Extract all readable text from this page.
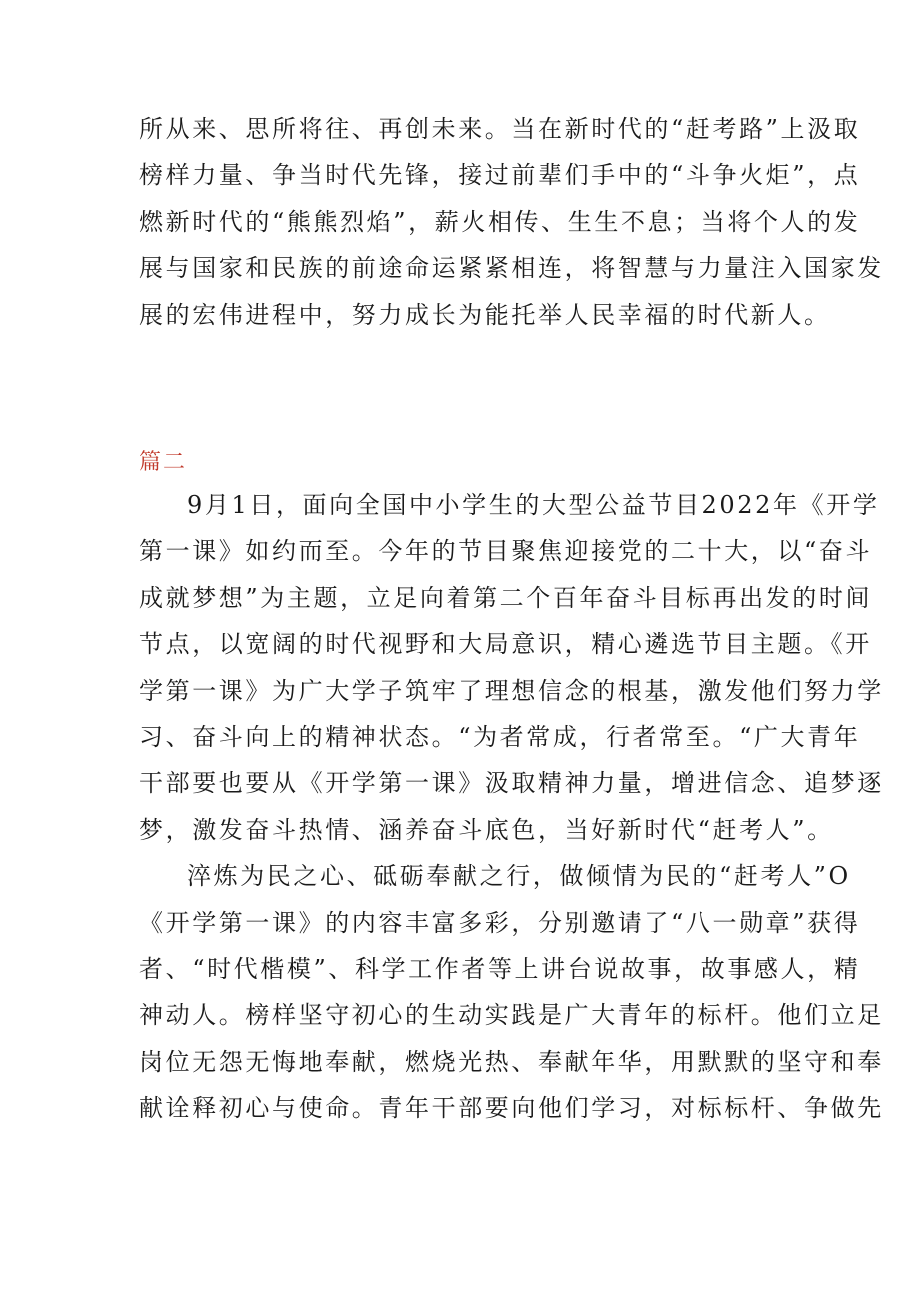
所从来、思所将往、再创未来。当在新时代的“赶考路”上汲取
榜样力量、争当时代先锋，接过前辈们手中的“斗争火炬”，点
燃新时代的“熊熊烈焰”，薪火相传、生生不息；当将个人的发
展与国家和民族的前途命运紧紧相连，将智慧与力量注入国家发
展的宏伟进程中，努力成长为能托举人民幸福的时代新人。
篇二
9月1日，面向全国中小学生的大型公益节目2022年《开学
第一课》如约而至。今年的节目聚焦迎接党的二十大，以“奋斗
成就梦想”为主题，立足向着第二个百年奋斗目标再出发的时间
节点，以宽阔的时代视野和大局意识，精心遴选节目主题。《开
学第一课》为广大学子筑牢了理想信念的根基，激发他们努力学
习、奋斗向上的精神状态。“为者常成，行者常至。“广大青年
干部要也要从《开学第一课》汲取精神力量，增进信念、追梦逐
梦，激发奋斗热情、涵养奋斗底色，当好新时代“赶考人”。
淬炼为民之心、砥砺奉献之行，做倾情为民的“赶考人”O
《开学第一课》的内容丰富多彩，分别邀请了“八一勋章”获得
者、“时代楷模”、科学工作者等上讲台说故事，故事感人，精
神动人。榜样坚守初心的生动实践是广大青年的标杆。他们立足
岗位无怨无悔地奉献，燃烧光热、奉献年华，用默默的坚守和奉
献诠释初心与使命。青年干部要向他们学习，对标标杆、争做先
